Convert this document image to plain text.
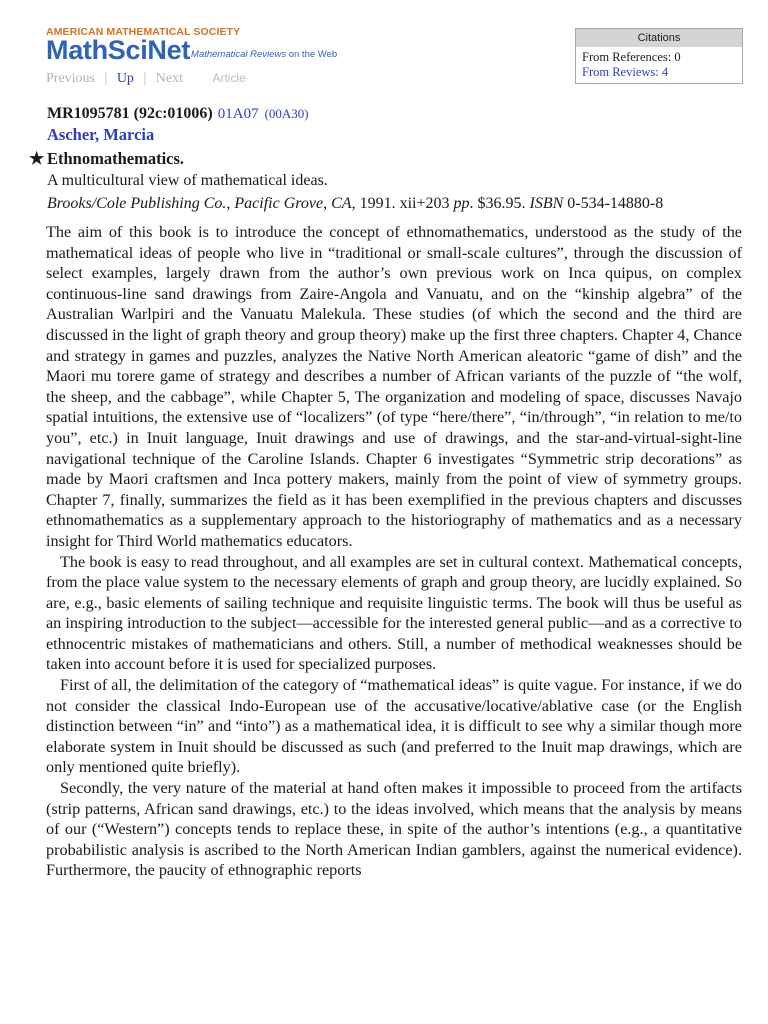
AMERICAN MATHEMATICAL SOCIETY
MathSciNet Mathematical Reviews on the Web
Previous | Up | Next Article
Citations
From References: 0
From Reviews: 4
MR1095781 (92c:01006) 01A07 (00A30)
Ascher, Marcia
★ Ethnomathematics.
A multicultural view of mathematical ideas.
Brooks/Cole Publishing Co., Pacific Grove, CA, 1991. xii+203 pp. $36.95. ISBN 0-534-14880-8

The aim of this book is to introduce the concept of ethnomathematics, understood as the study of the mathematical ideas of people who live in “traditional or small-scale cultures”, through the discussion of select examples, largely drawn from the author’s own previous work on Inca quipus, on complex continuous-line sand drawings from Zaire-Angola and Vanuatu, and on the “kinship algebra” of the Australian Warlpiri and the Vanuatu Malekula. These studies (of which the second and the third are discussed in the light of graph theory and group theory) make up the first three chapters. Chapter 4, Chance and strategy in games and puzzles, analyzes the Native North American aleatoric “game of dish” and the Maori mu torere game of strategy and describes a number of African variants of the puzzle of “the wolf, the sheep, and the cabbage”, while Chapter 5, The organization and modeling of space, discusses Navajo spatial intuitions, the extensive use of “localizers” (of type “here/there”, “in/through”, “in relation to me/to you”, etc.) in Inuit language, Inuit drawings and use of drawings, and the star-and-virtual-sight-line navigational technique of the Caroline Islands. Chapter 6 investigates “Symmetric strip decorations” as made by Maori craftsmen and Inca pottery makers, mainly from the point of view of symmetry groups. Chapter 7, finally, summarizes the field as it has been exemplified in the previous chapters and discusses ethnomathematics as a supplementary approach to the historiography of mathematics and as a necessary insight for Third World mathematics educators.

The book is easy to read throughout, and all examples are set in cultural context. Mathematical concepts, from the place value system to the necessary elements of graph and group theory, are lucidly explained. So are, e.g., basic elements of sailing technique and requisite linguistic terms. The book will thus be useful as an inspiring introduction to the subject—accessible for the interested general public—and as a corrective to ethnocentric mistakes of mathematicians and others. Still, a number of methodical weaknesses should be taken into account before it is used for specialized purposes.

First of all, the delimitation of the category of “mathematical ideas” is quite vague. For instance, if we do not consider the classical Indo-European use of the accusative/locative/ablative case (or the English distinction between “in” and “into”) as a mathematical idea, it is difficult to see why a similar though more elaborate system in Inuit should be discussed as such (and preferred to the Inuit map drawings, which are only mentioned quite briefly).

Secondly, the very nature of the material at hand often makes it impossible to proceed from the artifacts (strip patterns, African sand drawings, etc.) to the ideas involved, which means that the analysis by means of our (“Western”) concepts tends to replace these, in spite of the author’s intentions (e.g., a quantitative probabilistic analysis is ascribed to the North American Indian gamblers, against the numerical evidence). Furthermore, the paucity of ethnographic reports
